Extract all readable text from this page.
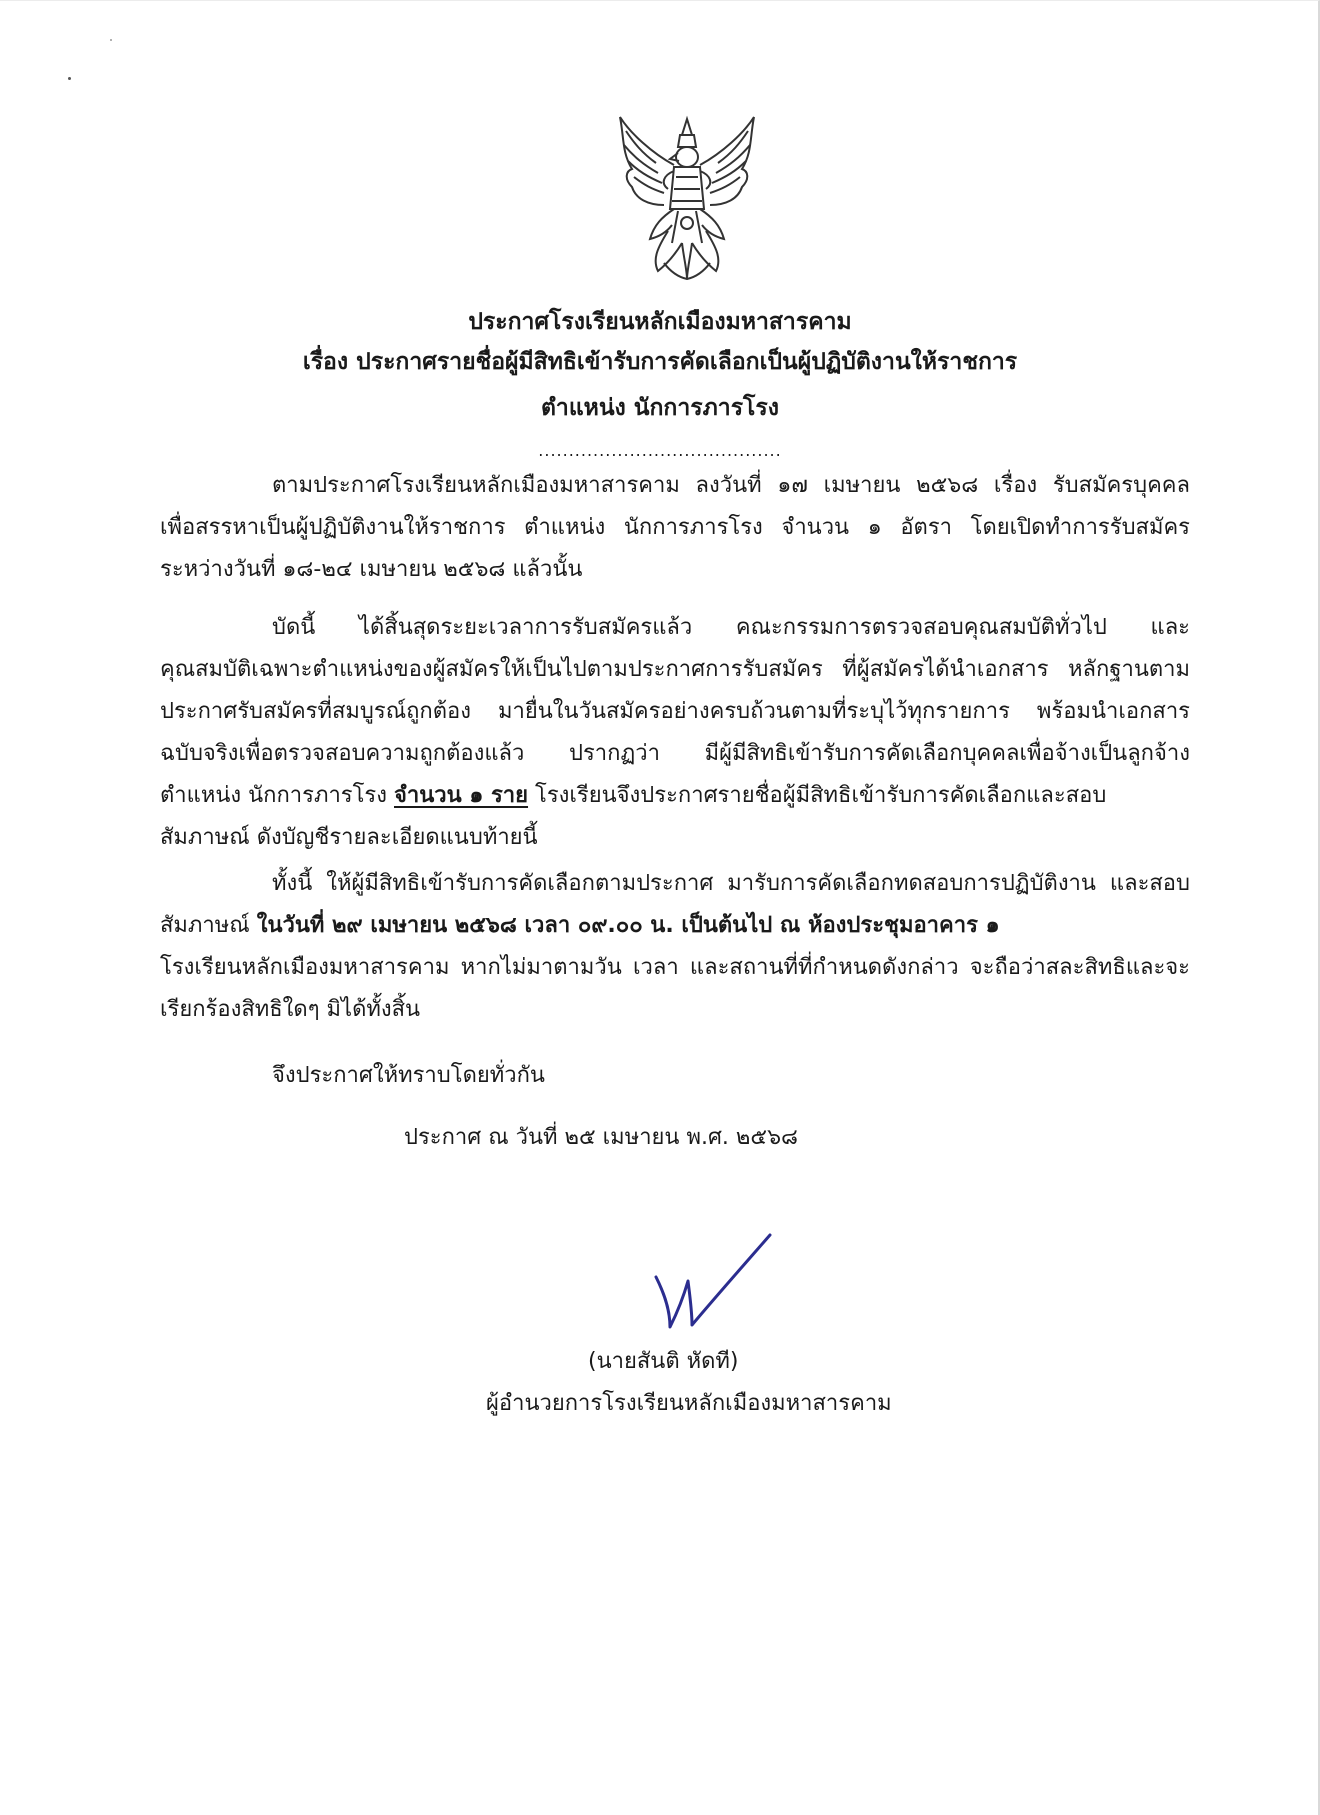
ประกาศโรงเรียนหลักเมืองมหาสารคาม
เรื่อง ประกาศรายชื่อผู้มีสิทธิเข้ารับการคัดเลือกเป็นผู้ปฏิบัติงานให้ราชการ
ตำแหน่ง นักการภารโรง
........................................
ตามประกาศโรงเรียนหลักเมืองมหาสารคาม ลงวันที่ ๑๗ เมษายน ๒๕๖๘ เรื่อง รับสมัครบุคคล
เพื่อสรรหาเป็นผู้ปฏิบัติงานให้ราชการ ตำแหน่ง นักการภารโรง จำนวน ๑ อัตรา โดยเปิดทำการรับสมัคร
ระหว่างวันที่ ๑๘-๒๔ เมษายน ๒๕๖๘ แล้วนั้น
บัดนี้ ได้สิ้นสุดระยะเวลาการรับสมัครแล้ว คณะกรรมการตรวจสอบคุณสมบัติทั่วไป และ
คุณสมบัติเฉพาะตำแหน่งของผู้สมัครให้เป็นไปตามประกาศการรับสมัคร ที่ผู้สมัครได้นำเอกสาร หลักฐานตาม
ประกาศรับสมัครที่สมบูรณ์ถูกต้อง มายื่นในวันสมัครอย่างครบถ้วนตามที่ระบุไว้ทุกรายการ พร้อมนำเอกสาร
ฉบับจริงเพื่อตรวจสอบความถูกต้องแล้ว ปรากฏว่า มีผู้มีสิทธิเข้ารับการคัดเลือกบุคคลเพื่อจ้างเป็นลูกจ้าง
ตำแหน่ง นักการภารโรง จำนวน ๑ ราย โรงเรียนจึงประกาศรายชื่อผู้มีสิทธิเข้ารับการคัดเลือกและสอบ
สัมภาษณ์ ดังบัญชีรายละเอียดแนบท้ายนี้
ทั้งนี้ ให้ผู้มีสิทธิเข้ารับการคัดเลือกตามประกาศ มารับการคัดเลือกทดสอบการปฏิบัติงาน และสอบ
สัมภาษณ์ ในวันที่ ๒๙ เมษายน ๒๕๖๘ เวลา ๐๙.๐๐ น. เป็นต้นไป ณ ห้องประชุมอาคาร ๑
โรงเรียนหลักเมืองมหาสารคาม หากไม่มาตามวัน เวลา และสถานที่ที่กำหนดดังกล่าว จะถือว่าสละสิทธิและจะ
เรียกร้องสิทธิใดๆ มิได้ทั้งสิ้น
จึงประกาศให้ทราบโดยทั่วกัน
ประกาศ ณ วันที่ ๒๕ เมษายน พ.ศ. ๒๕๖๘
(นายสันติ หัดที)
ผู้อำนวยการโรงเรียนหลักเมืองมหาสารคาม
